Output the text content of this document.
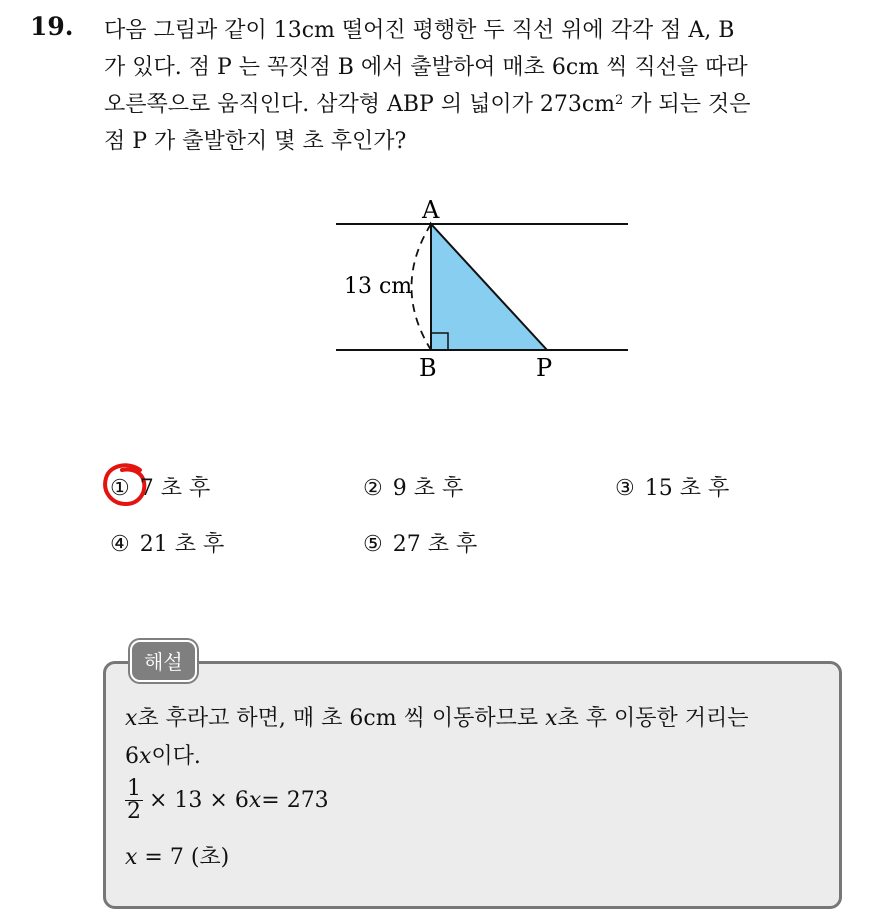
19. 다음 그림과 같이 13cm 떨어진 평행한 두 직선 위에 각각 점 A, B
가 있다. 점 P 는 꼭짓점 B 에서 출발하여 매초 6cm 씩 직선을 따라
오른쪽으로 움직인다. 삼각형 ABP 의 넓이가 $273cm^2$ 가 되는 것은
점 P 가 출발한지 몇 초 후인가?
A
B	P
13 cm
① 7 초 후	② 9 초 후	③ 15 초 후
④ 21 초 후	⑤ 27 초 후
해설
x초 후라고 하면, 매 초 6cm 씩 이동하므로 x초 후 이동한 거리는
6x이다.
$\frac{1}{2} \times 13 \times 6$ x = 273
x = 7 (초)
